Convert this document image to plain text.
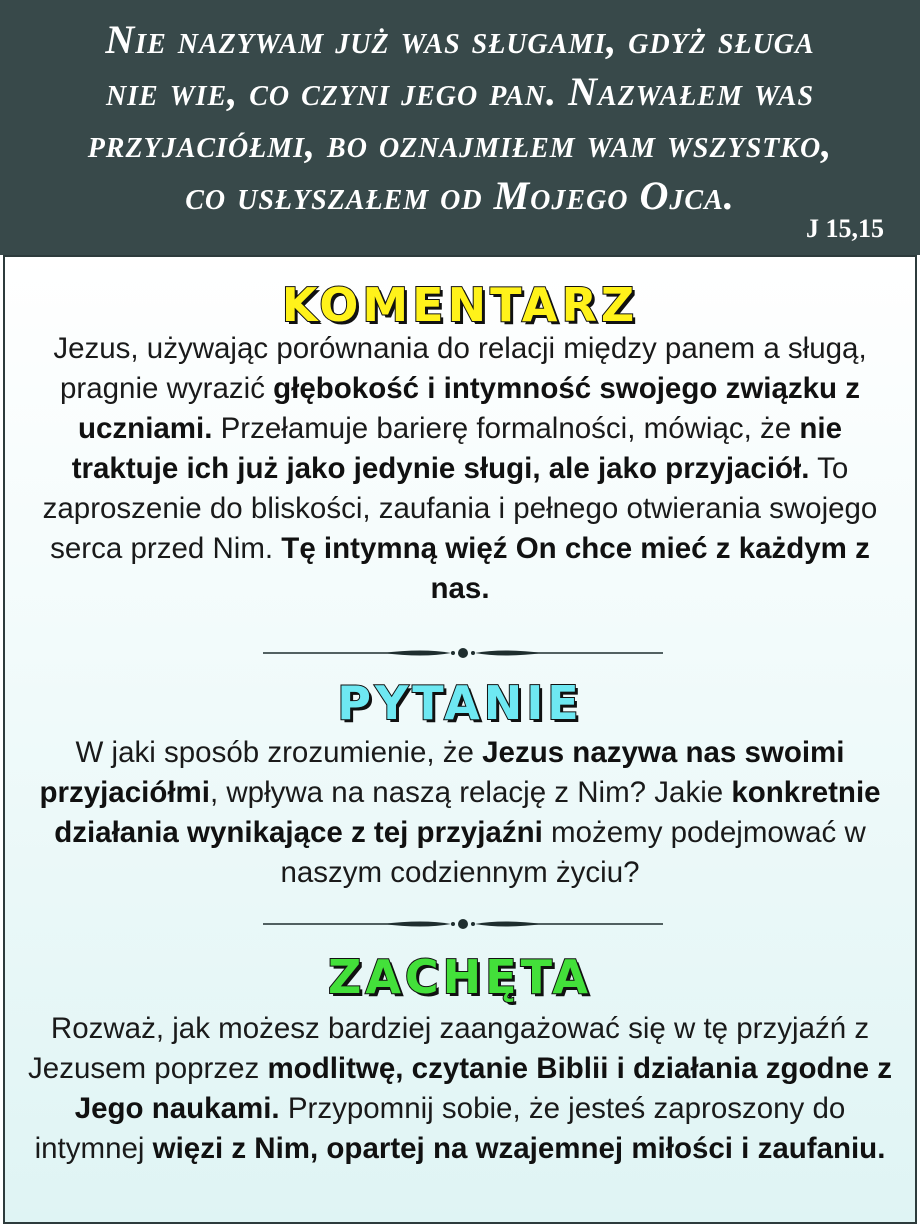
Nie nazywam już was sługami, gdyż sługa
nie wie, co czyni jego pan. Nazwałem was
przyjaciółmi, bo oznajmiłem wam wszystko,
co usłyszałem od Mojego Ojca.

J 15,15
KOMENTARZ

Jezus, używając porównania do relacji między panem a sługą, pragnie wyrazić głębokość i intymność swojego związku z uczniami. Przełamuje barierę formalności, mówiąc, że nie traktuje ich już jako jedynie sługi, ale jako przyjaciół. To zaproszenie do bliskości, zaufania i pełnego otwierania swojego serca przed Nim. Tę intymną więź On chce mieć z każdym z nas.

PYTANIE

W jaki sposób zrozumienie, że Jezus nazywa nas swoimi przyjaciółmi, wpływa na naszą relację z Nim? Jakie konkretnie działania wynikające z tej przyjaźni możemy podejmować w naszym codziennym życiu?

ZACHĘTA

Rozważ, jak możesz bardziej zaangażować się w tę przyjaźń z Jezusem poprzez modlitwę, czytanie Biblii i działania zgodne z Jego naukami. Przypomnij sobie, że jesteś zaproszony do intymnej więzi z Nim, opartej na wzajemnej miłości i zaufaniu.
